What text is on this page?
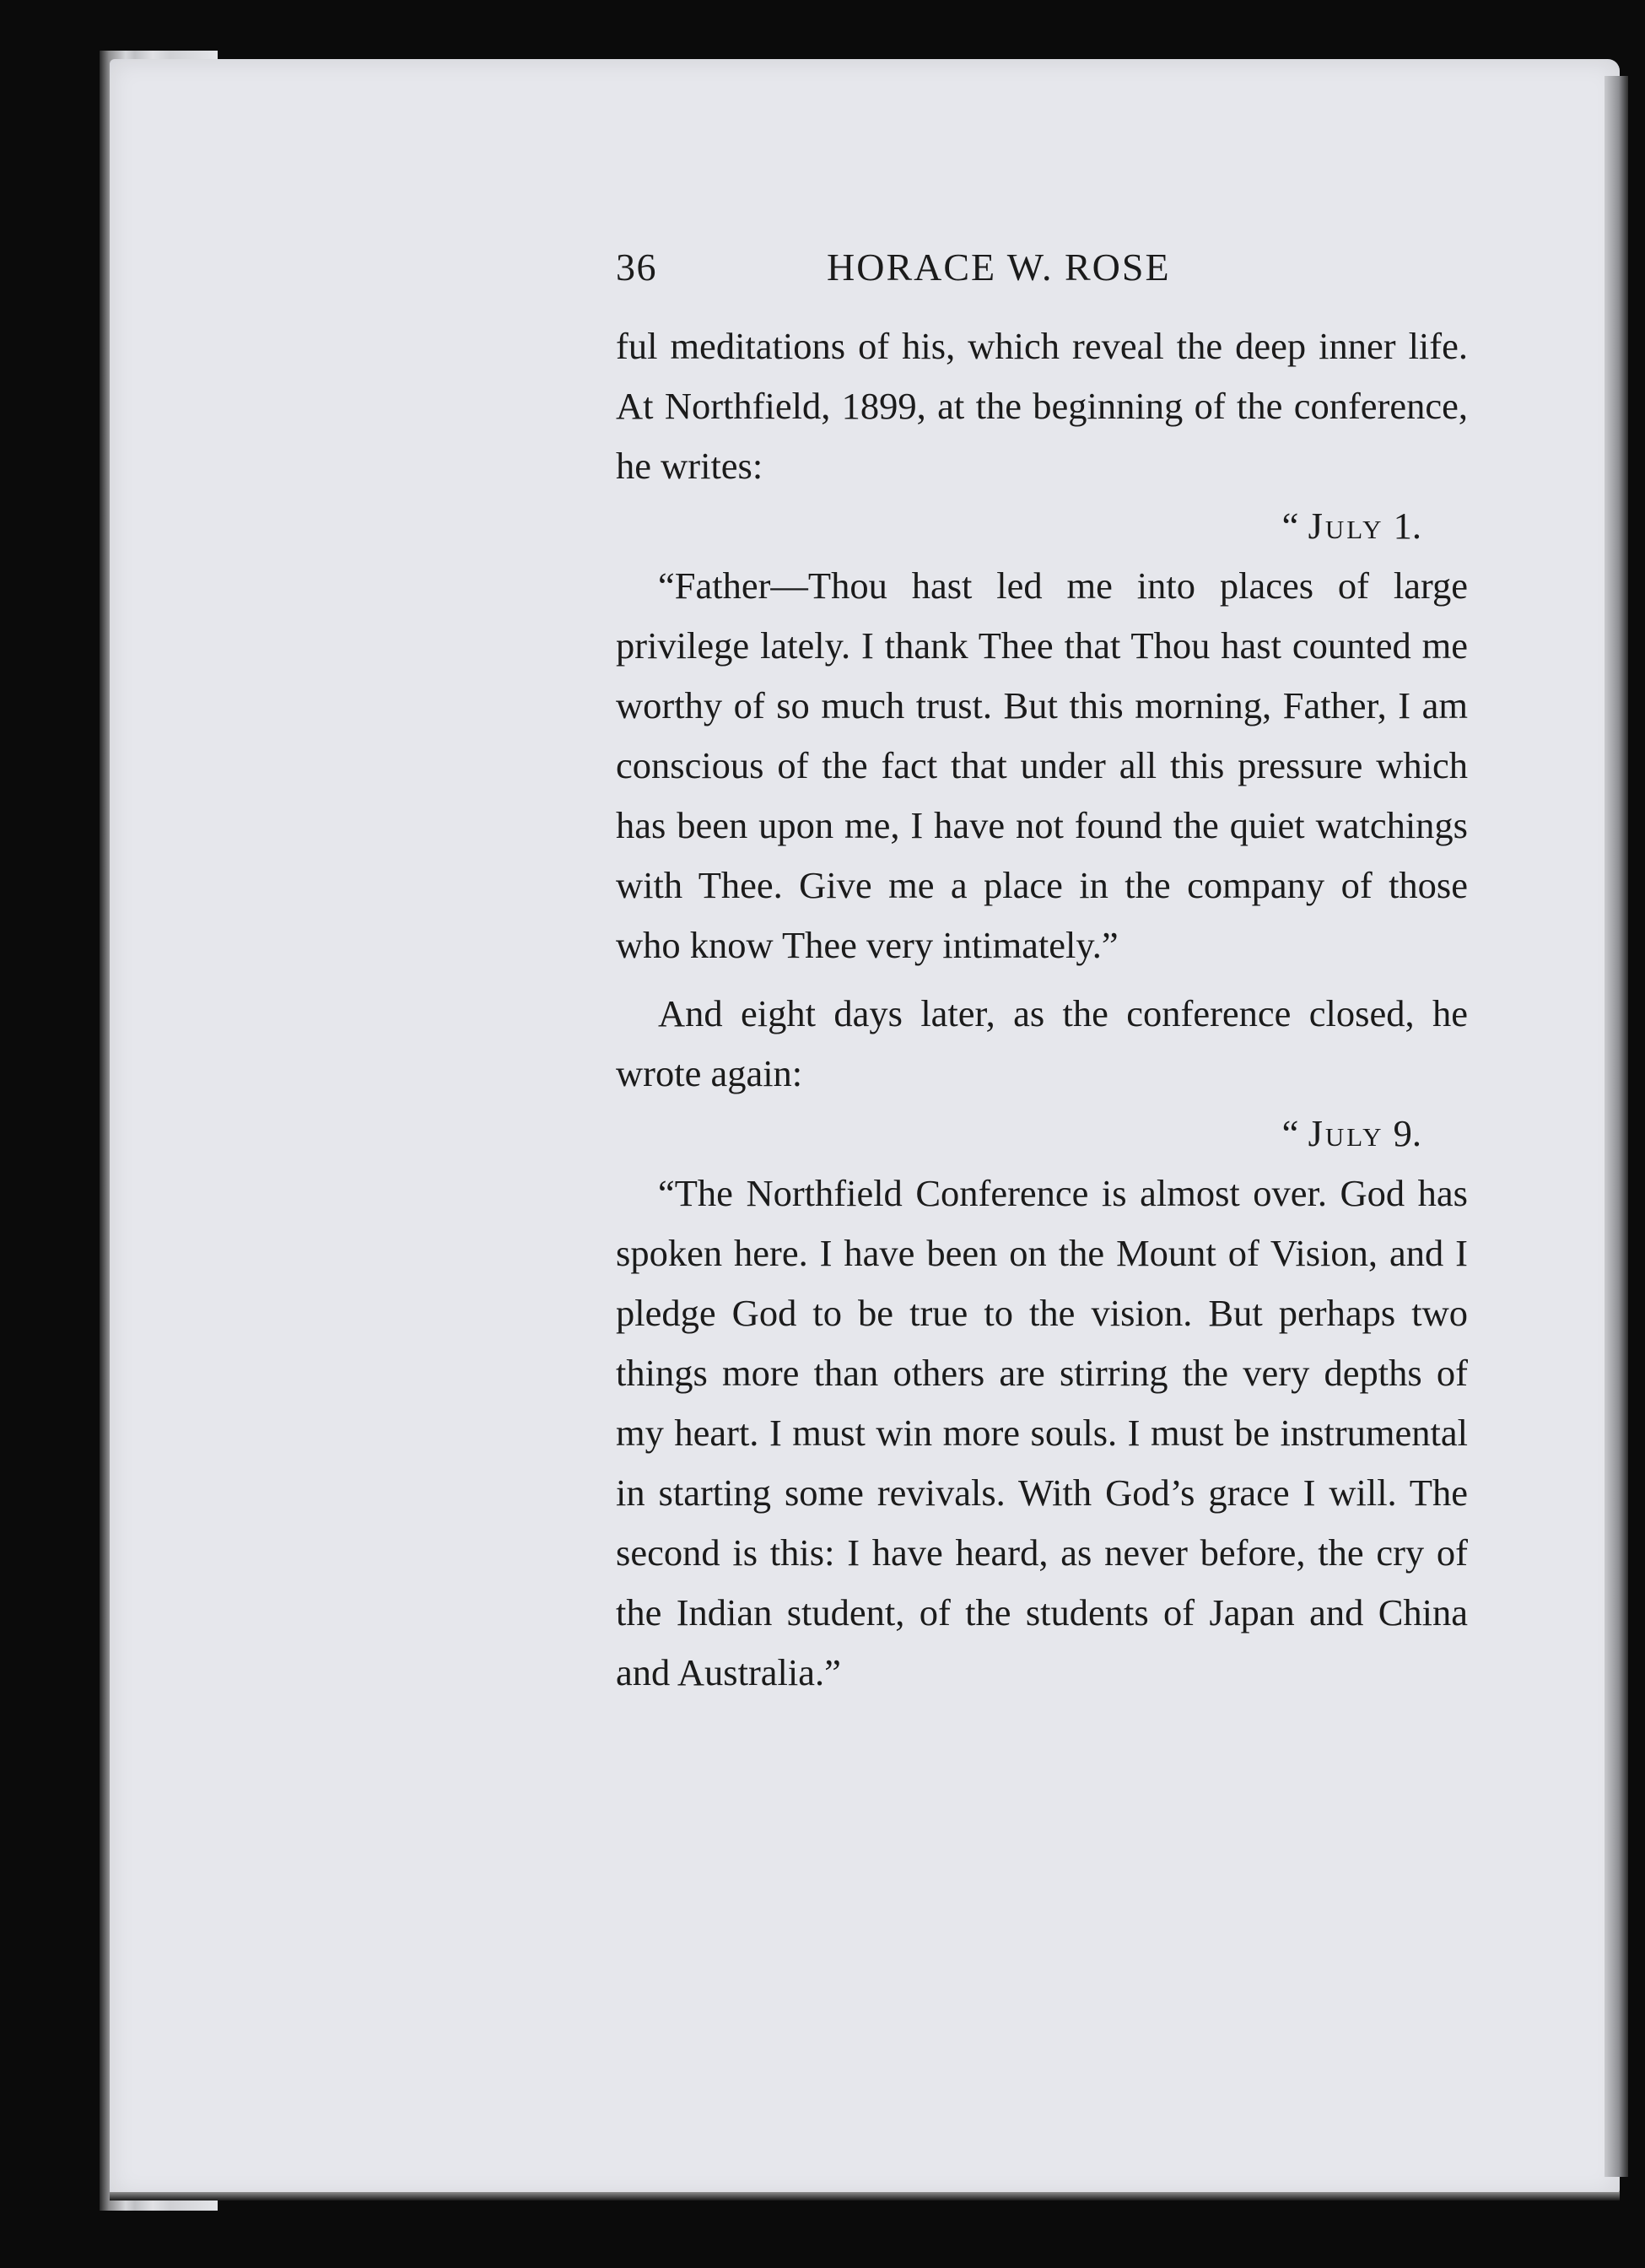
36	HORACE W. ROSE

ful meditations of his, which reveal the deep inner life. At Northfield, 1899, at the beginning of the conference, he writes:

“ July 1.

“Father—Thou hast led me into places of large privilege lately. I thank Thee that Thou hast counted me worthy of so much trust. But this morning, Father, I am conscious of the fact that under all this pressure which has been upon me, I have not found the quiet watchings with Thee. Give me a place in the company of those who know Thee very intimately.”

And eight days later, as the conference closed, he wrote again:

“ July 9.

“The Northfield Conference is almost over. God has spoken here. I have been on the Mount of Vision, and I pledge God to be true to the vision. But perhaps two things more than others are stirring the very depths of my heart. I must win more souls. I must be instrumental in starting some revivals. With God’s grace I will. The second is this: I have heard, as never before, the cry of the Indian student, of the students of Japan and China and Australia.”
